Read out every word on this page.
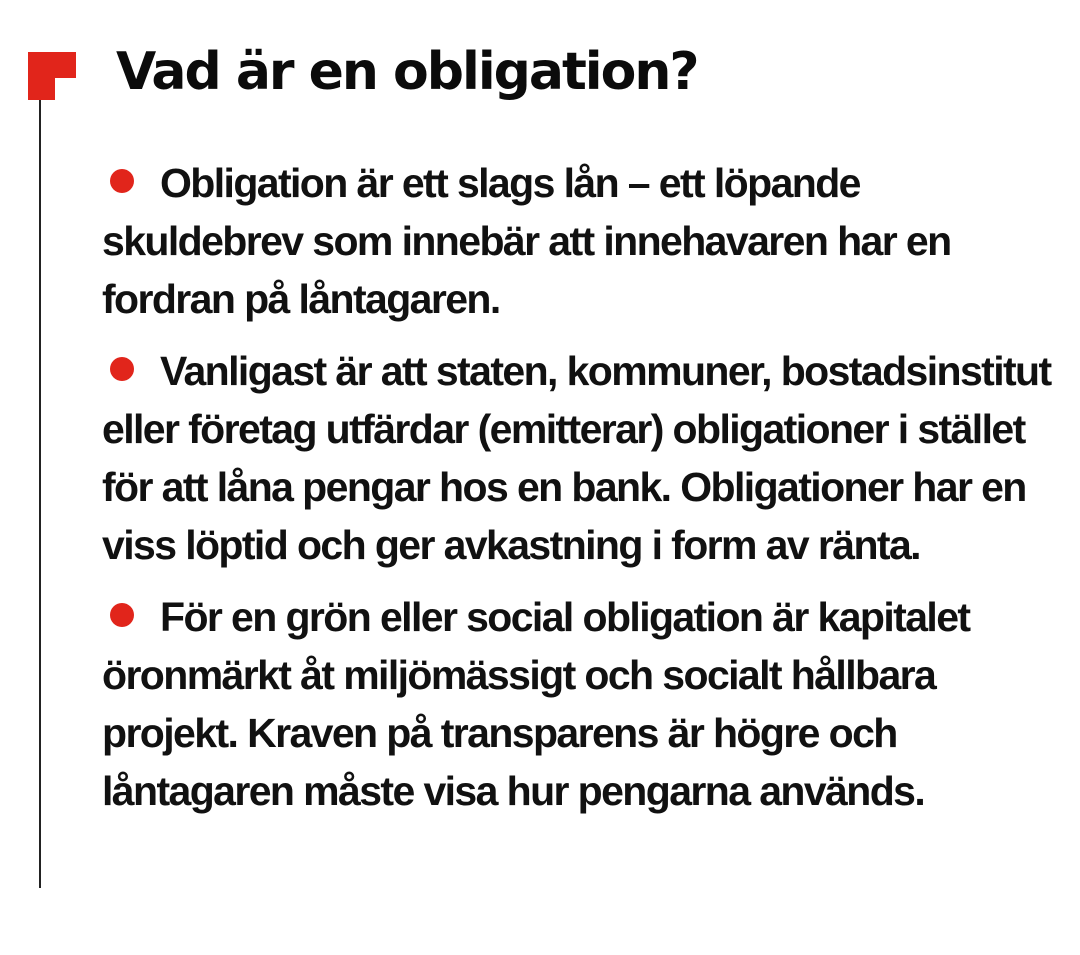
Vad är en obligation?

Obligation är ett slags lån – ett löpande skuldebrev som innebär att innehavaren har en fordran på låntagaren.

Vanligast är att staten, kommuner, bostadsinstitut eller företag utfärdar (emitterar) obligationer i stället för att låna pengar hos en bank. Obligationer har en viss löptid och ger avkastning i form av ränta.

För en grön eller social obligation är kapitalet öronmärkt åt miljömässigt och socialt hållbara projekt. Kraven på transparens är högre och låntagaren måste visa hur pengarna används.
